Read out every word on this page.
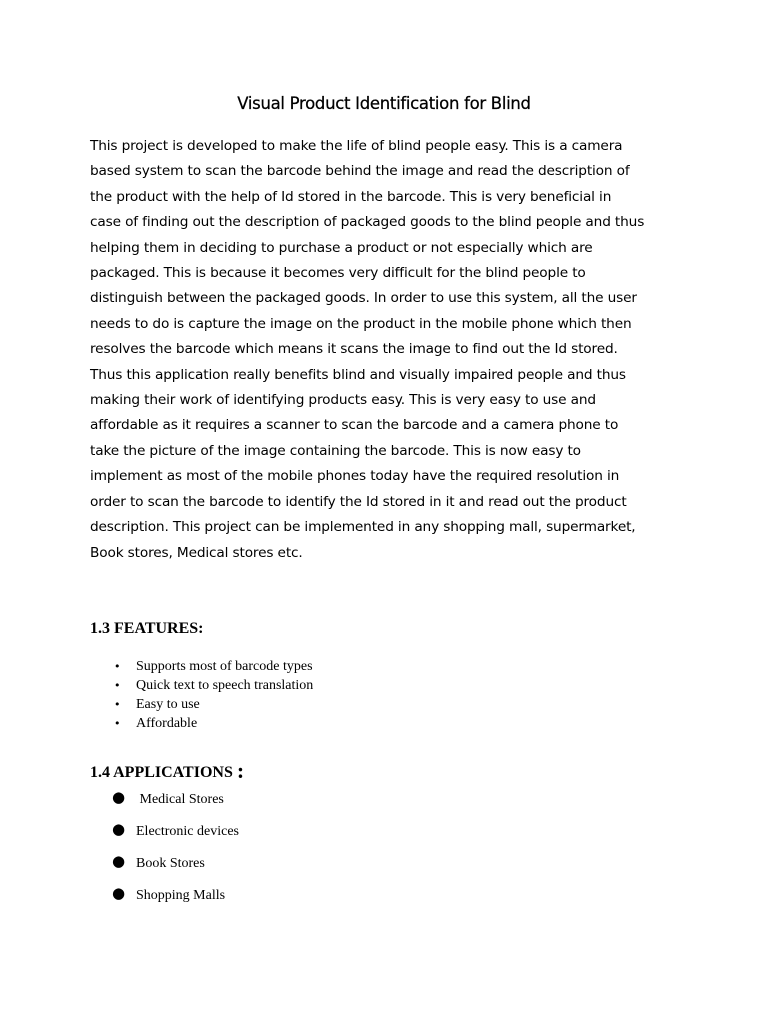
Visual Product Identification for Blind

This project is developed to make the life of blind people easy. This is a camera
based system to scan the barcode behind the image and read the description of
the product with the help of Id stored in the barcode. This is very beneficial in
case of finding out the description of packaged goods to the blind people and thus
helping them in deciding to purchase a product or not especially which are
packaged. This is because it becomes very difficult for the blind people to
distinguish between the packaged goods. In order to use this system, all the user
needs to do is capture the image on the product in the mobile phone which then
resolves the barcode which means it scans the image to find out the Id stored.
Thus this application really benefits blind and visually impaired people and thus
making their work of identifying products easy. This is very easy to use and
affordable as it requires a scanner to scan the barcode and a camera phone to
take the picture of the image containing the barcode. This is now easy to
implement as most of the mobile phones today have the required resolution in
order to scan the barcode to identify the Id stored in it and read out the product
description. This project can be implemented in any shopping mall, supermarket,
Book stores, Medical stores etc.

1.3 FEATURES:
• Supports most of barcode types
• Quick text to speech translation
• Easy to use
• Affordable
1.4 APPLICATIONS :
● Medical Stores
● Electronic devices
● Book Stores
● Shopping Malls
